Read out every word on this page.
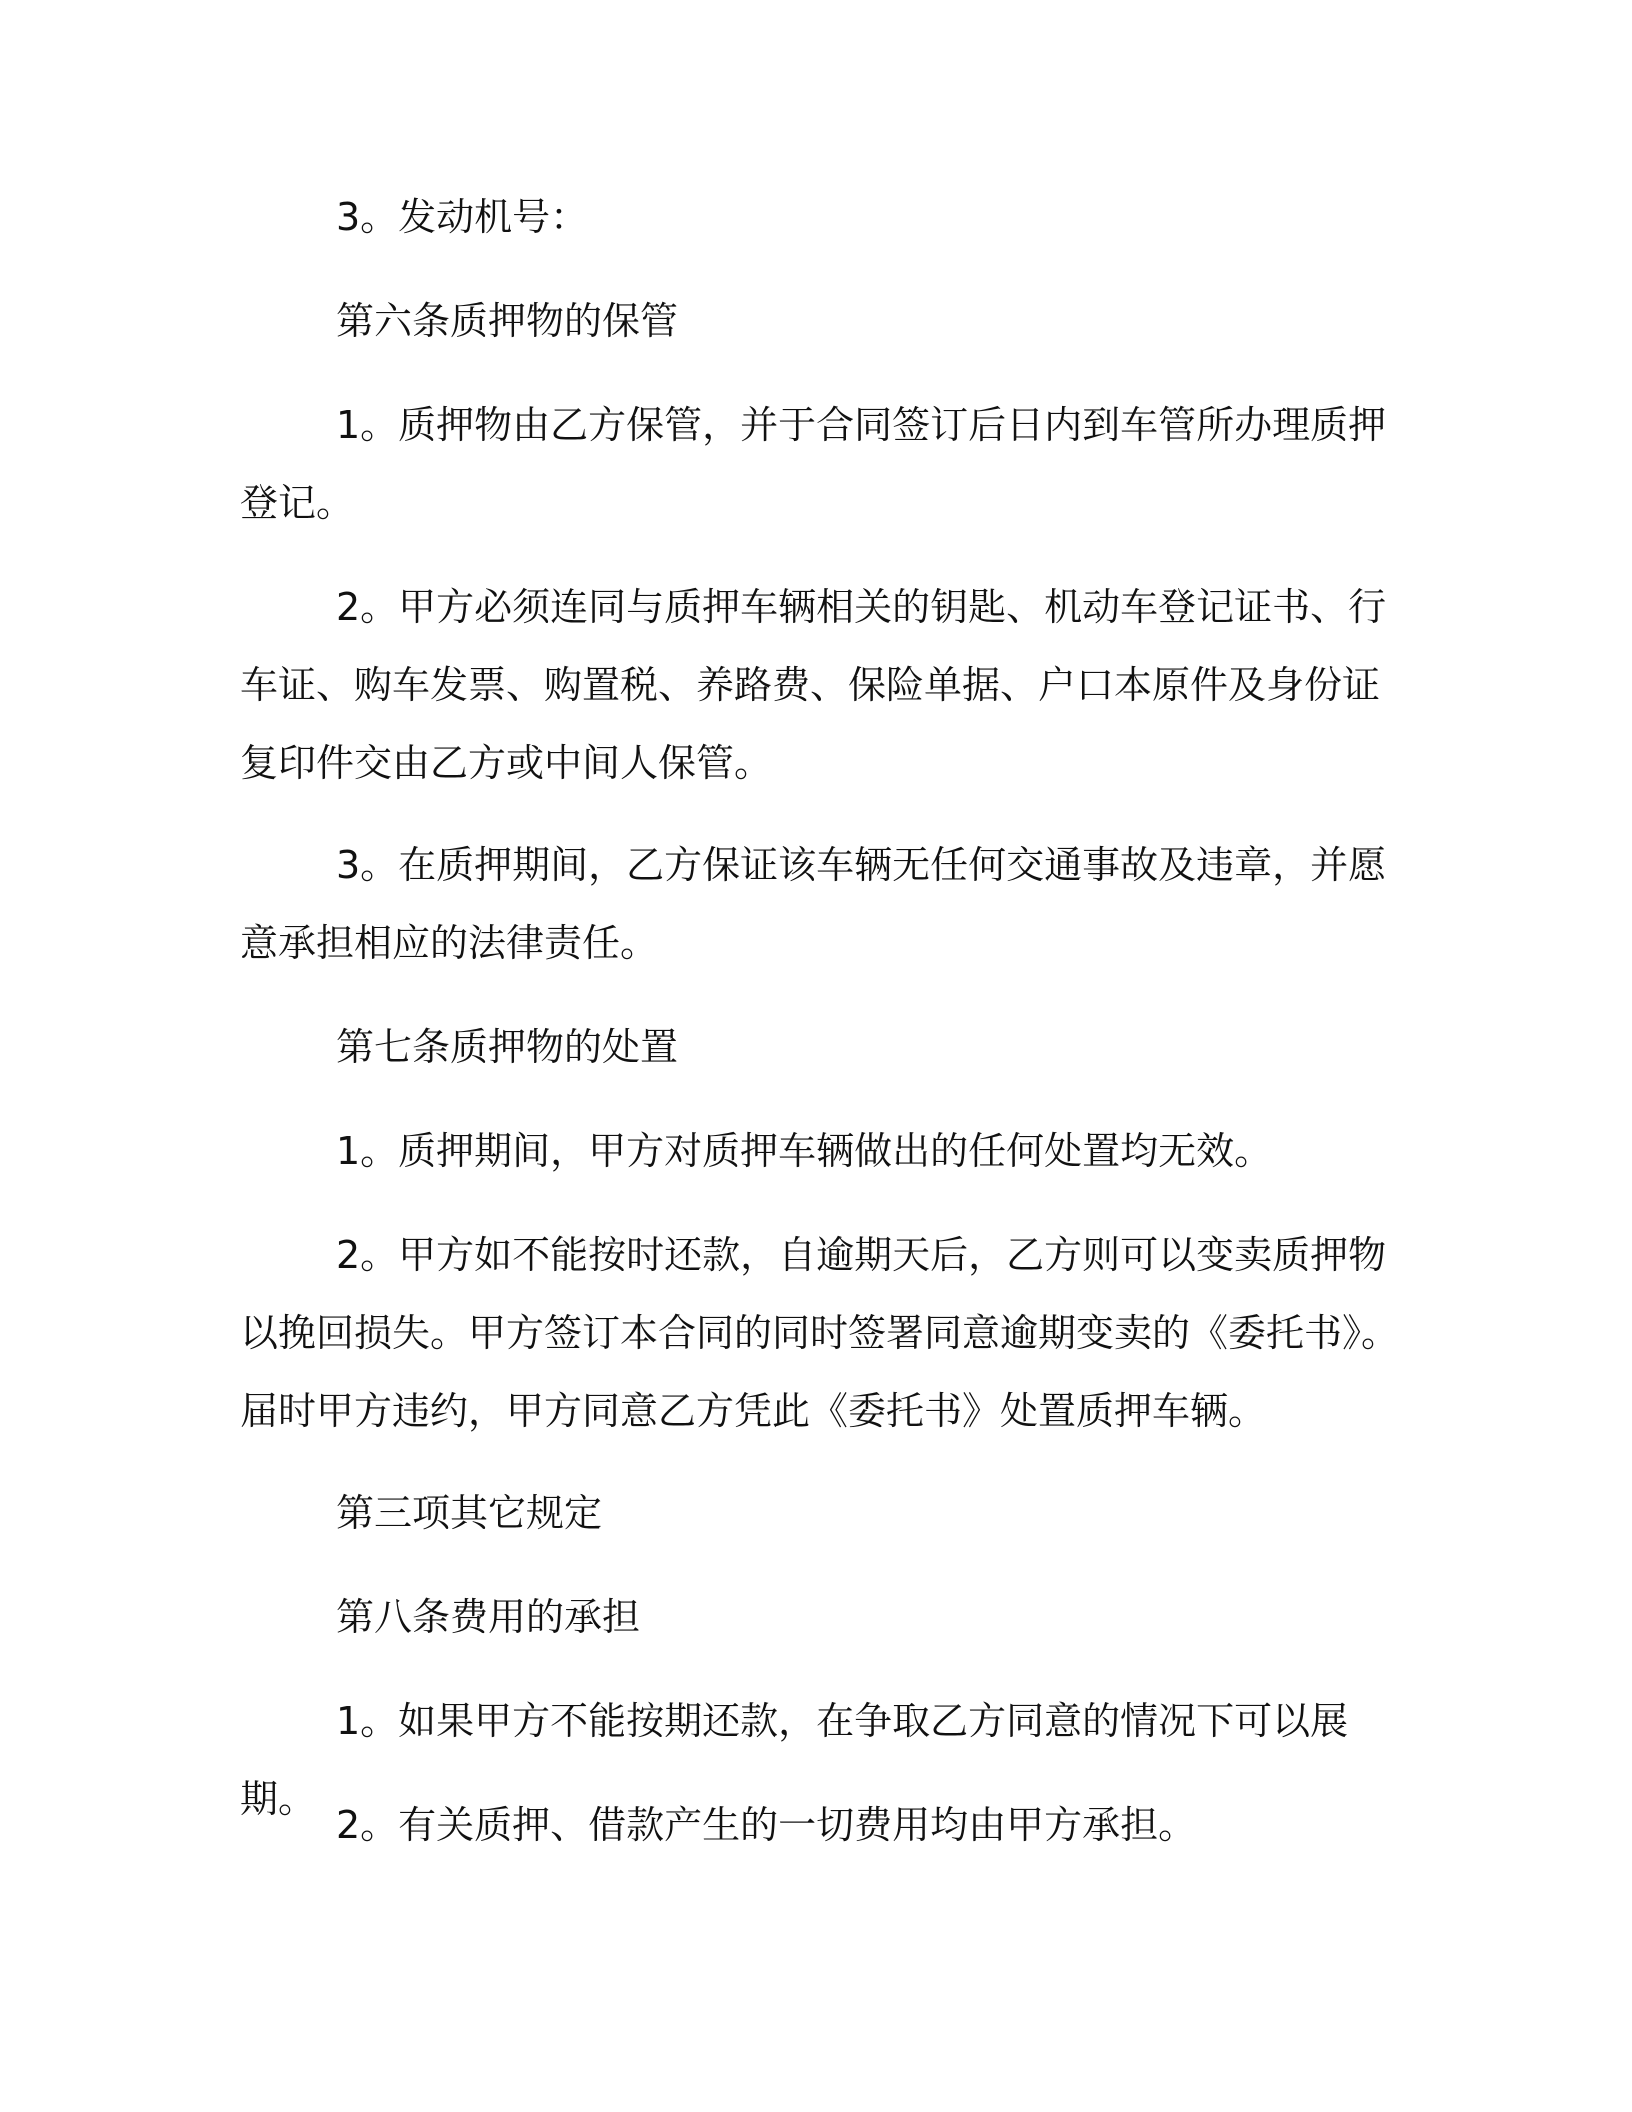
3。发动机号：

第六条质押物的保管

1。质押物由乙方保管，并于合同签订后日内到车管所办理质押登记。

2。甲方必须连同与质押车辆相关的钥匙、机动车登记证书、行车证、购车发票、购置税、养路费、保险单据、户口本原件及身份证复印件交由乙方或中间人保管。

3。在质押期间，乙方保证该车辆无任何交通事故及违章，并愿意承担相应的法律责任。

第七条质押物的处置

1。质押期间，甲方对质押车辆做出的任何处置均无效。

2。甲方如不能按时还款，自逾期天后，乙方则可以变卖质押物以挽回损失。甲方签订本合同的同时签署同意逾期变卖的《委托书》。届时甲方违约，甲方同意乙方凭此《委托书》处置质押车辆。

第三项其它规定

第八条费用的承担

1。如果甲方不能按期还款，在争取乙方同意的情况下可以展期。

2。有关质押、借款产生的一切费用均由甲方承担。
